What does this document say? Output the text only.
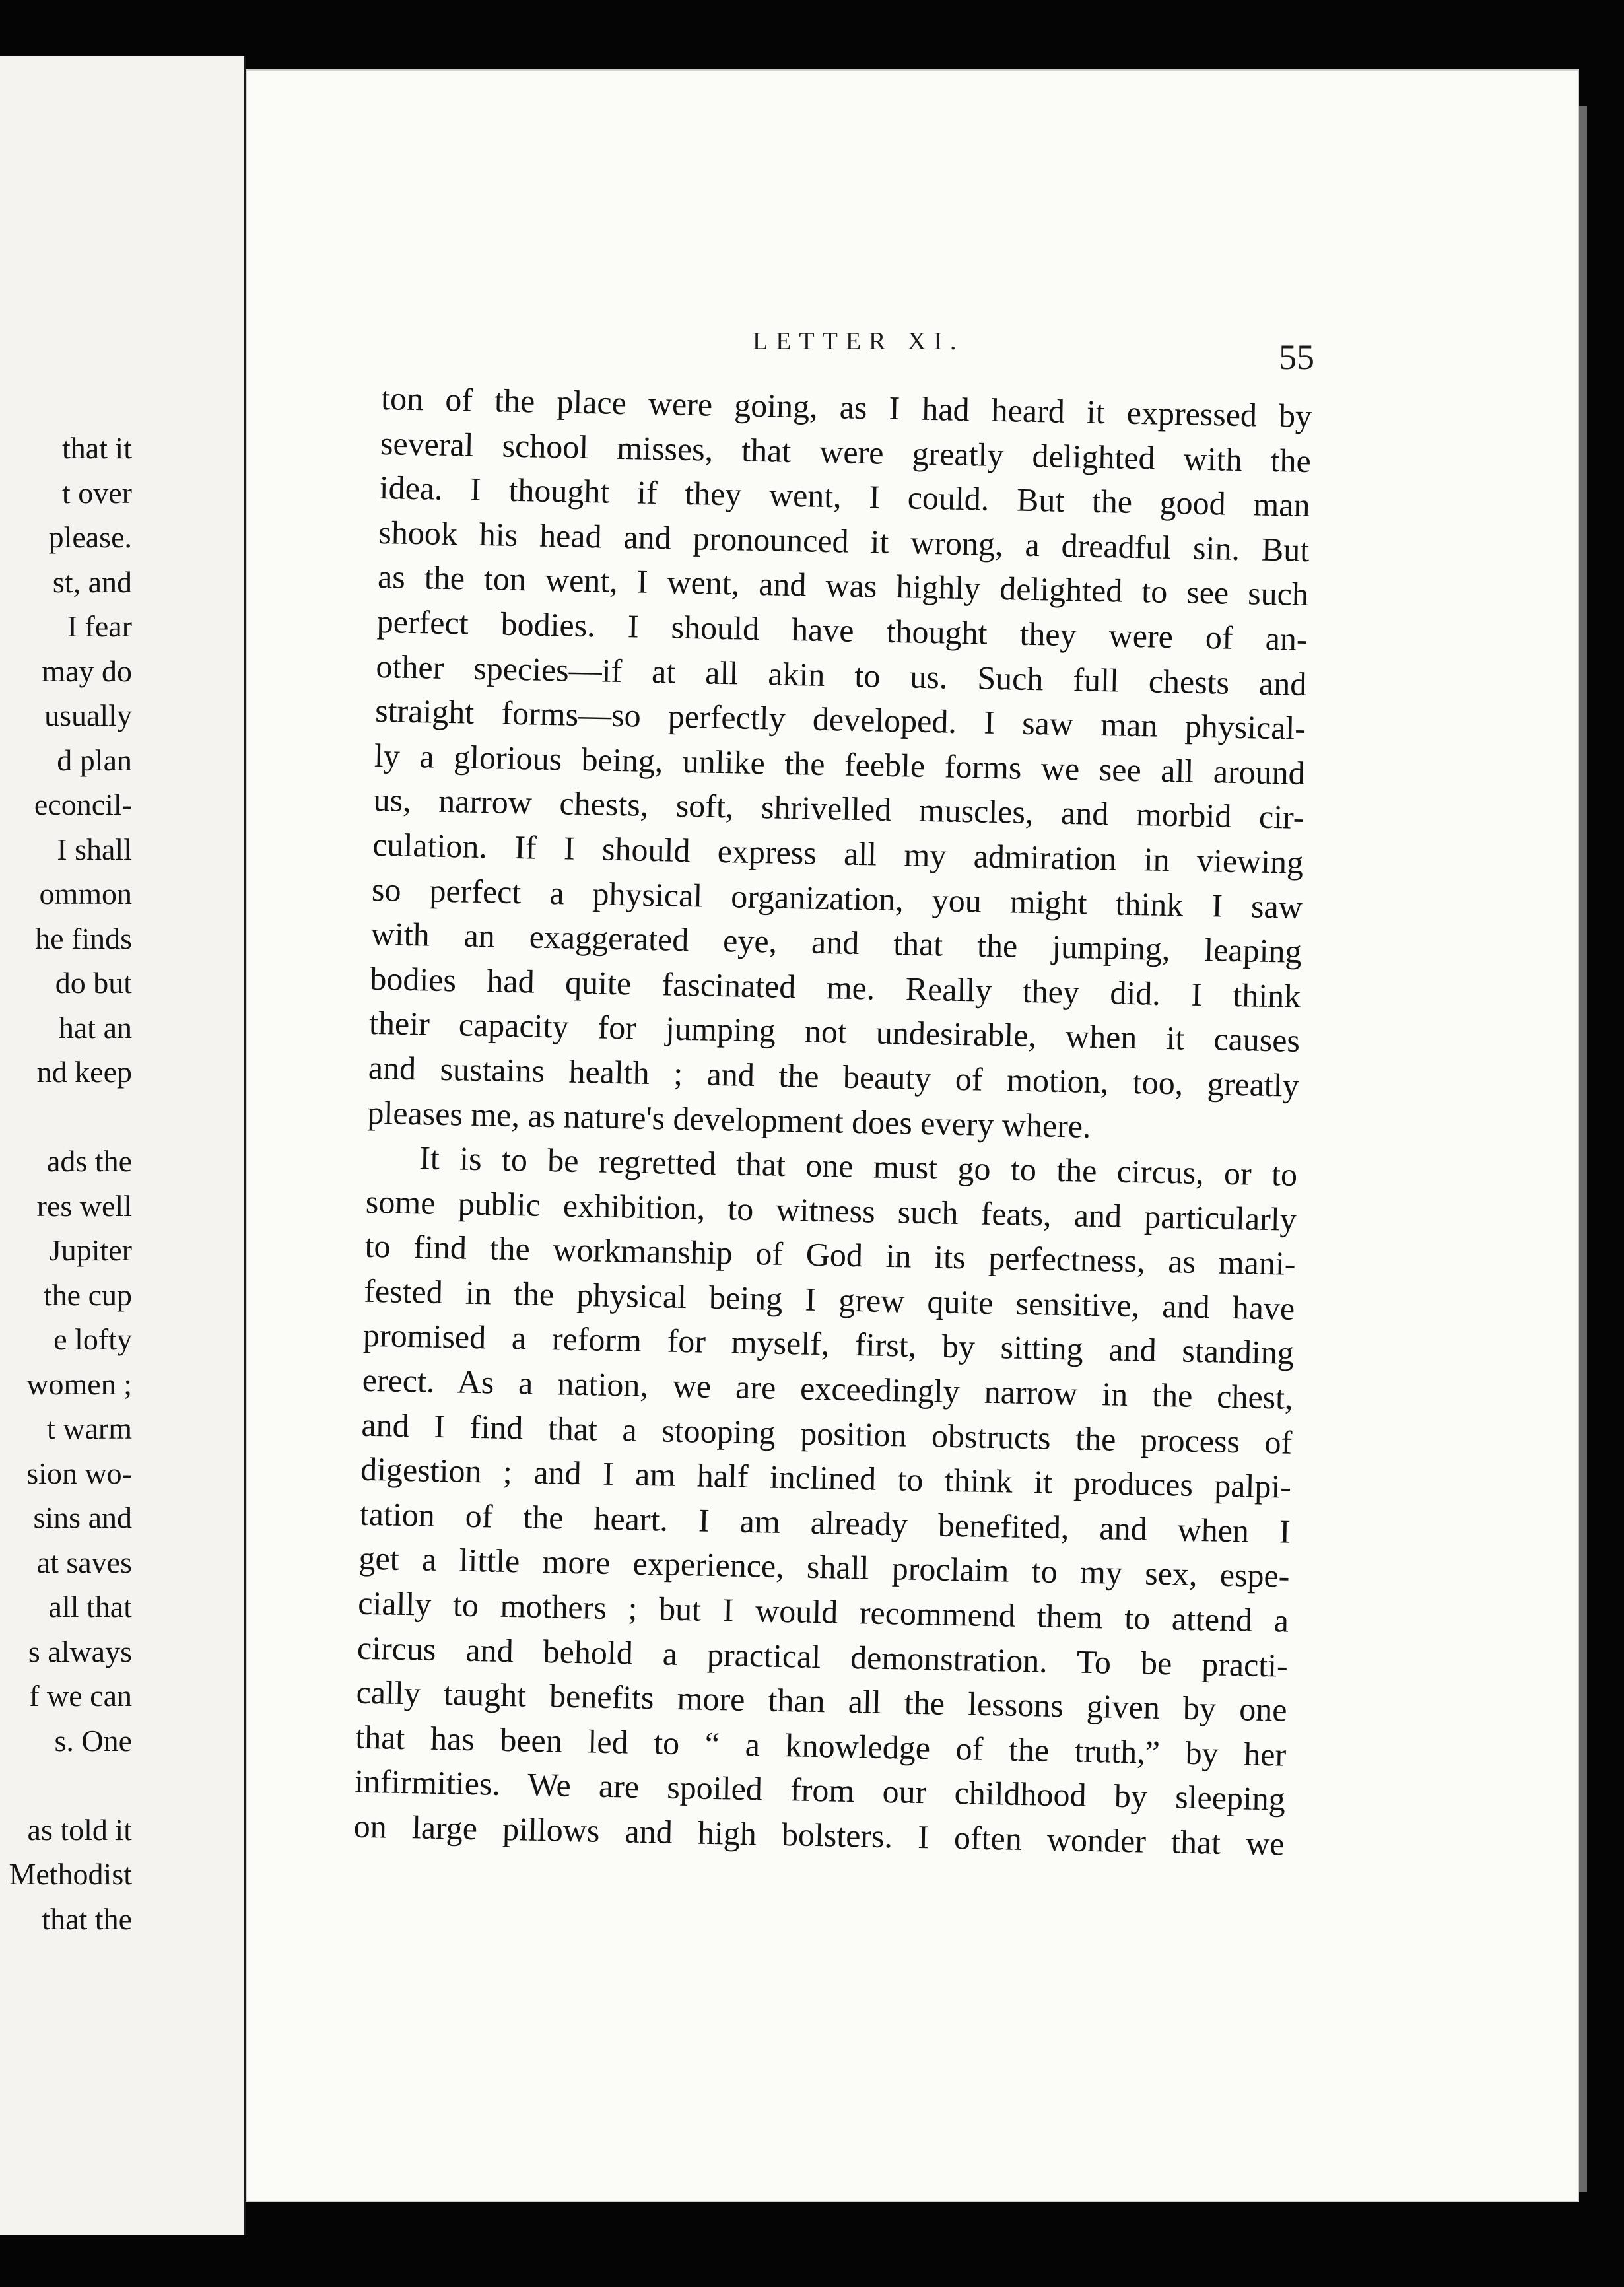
that it
t over
please.
st, and
I fear
may do
usually
d plan
econcil-
I shall
ommon
he finds
do but
hat an
nd keep
ads the
res well
Jupiter
the cup
e lofty
women ;
t warm
sion wo-
sins and
at saves
all that
s always
f we can
s. One
as told it
Methodist
that the
LETTER XI.	55
ton of the place were going, as I had heard it expressed by
several school misses, that were greatly delighted with the
idea. I thought if they went, I could. But the good man
shook his head and pronounced it wrong, a dreadful sin. But
as the ton went, I went, and was highly delighted to see such
perfect bodies. I should have thought they were of an-
other species—if at all akin to us. Such full chests and
straight forms—so perfectly developed. I saw man physical-
ly a glorious being, unlike the feeble forms we see all around
us, narrow chests, soft, shrivelled muscles, and morbid cir-
culation. If I should express all my admiration in viewing
so perfect a physical organization, you might think I saw
with an exaggerated eye, and that the jumping, leaping
bodies had quite fascinated me. Really they did. I think
their capacity for jumping not undesirable, when it causes
and sustains health ; and the beauty of motion, too, greatly
pleases me, as nature's development does every where.
It is to be regretted that one must go to the circus, or to
some public exhibition, to witness such feats, and particularly
to find the workmanship of God in its perfectness, as mani-
fested in the physical being I grew quite sensitive, and have
promised a reform for myself, first, by sitting and standing
erect. As a nation, we are exceedingly narrow in the chest,
and I find that a stooping position obstructs the process of
digestion ; and I am half inclined to think it produces palpi-
tation of the heart. I am already benefited, and when I
get a little more experience, shall proclaim to my sex, espe-
cially to mothers ; but I would recommend them to attend a
circus and behold a practical demonstration. To be practi-
cally taught benefits more than all the lessons given by one
that has been led to “ a knowledge of the truth,” by her
infirmities. We are spoiled from our childhood by sleeping
on large pillows and high bolsters. I often wonder that we
